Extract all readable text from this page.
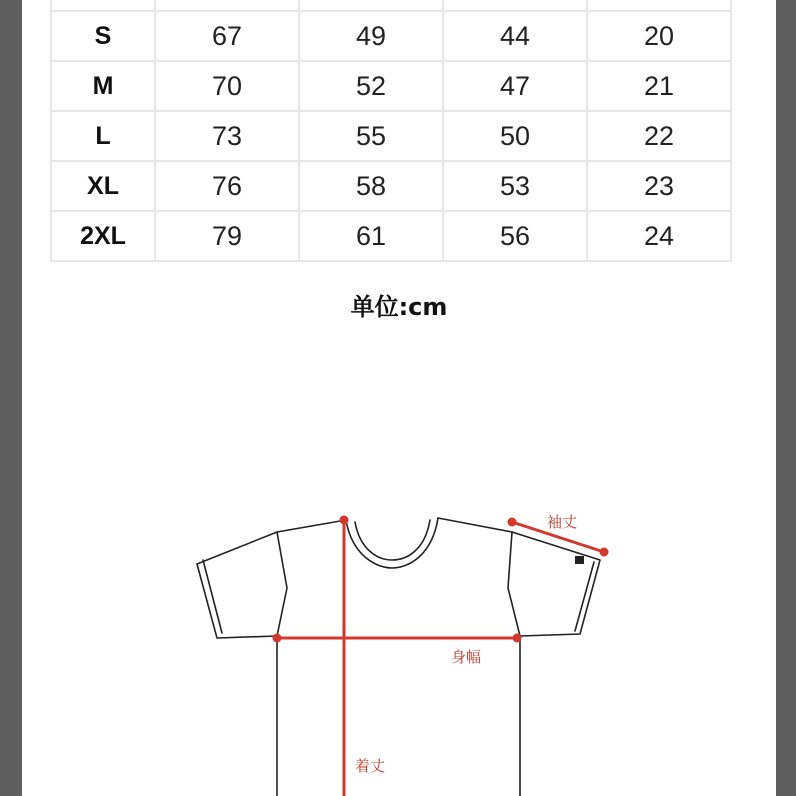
S	67	49	44	20
M	70	52	47	21
L	73	55	50	22
XL	76	58	53	23
2XL	79	61	56	24
单位:cm
袖丈
身幅
着丈
